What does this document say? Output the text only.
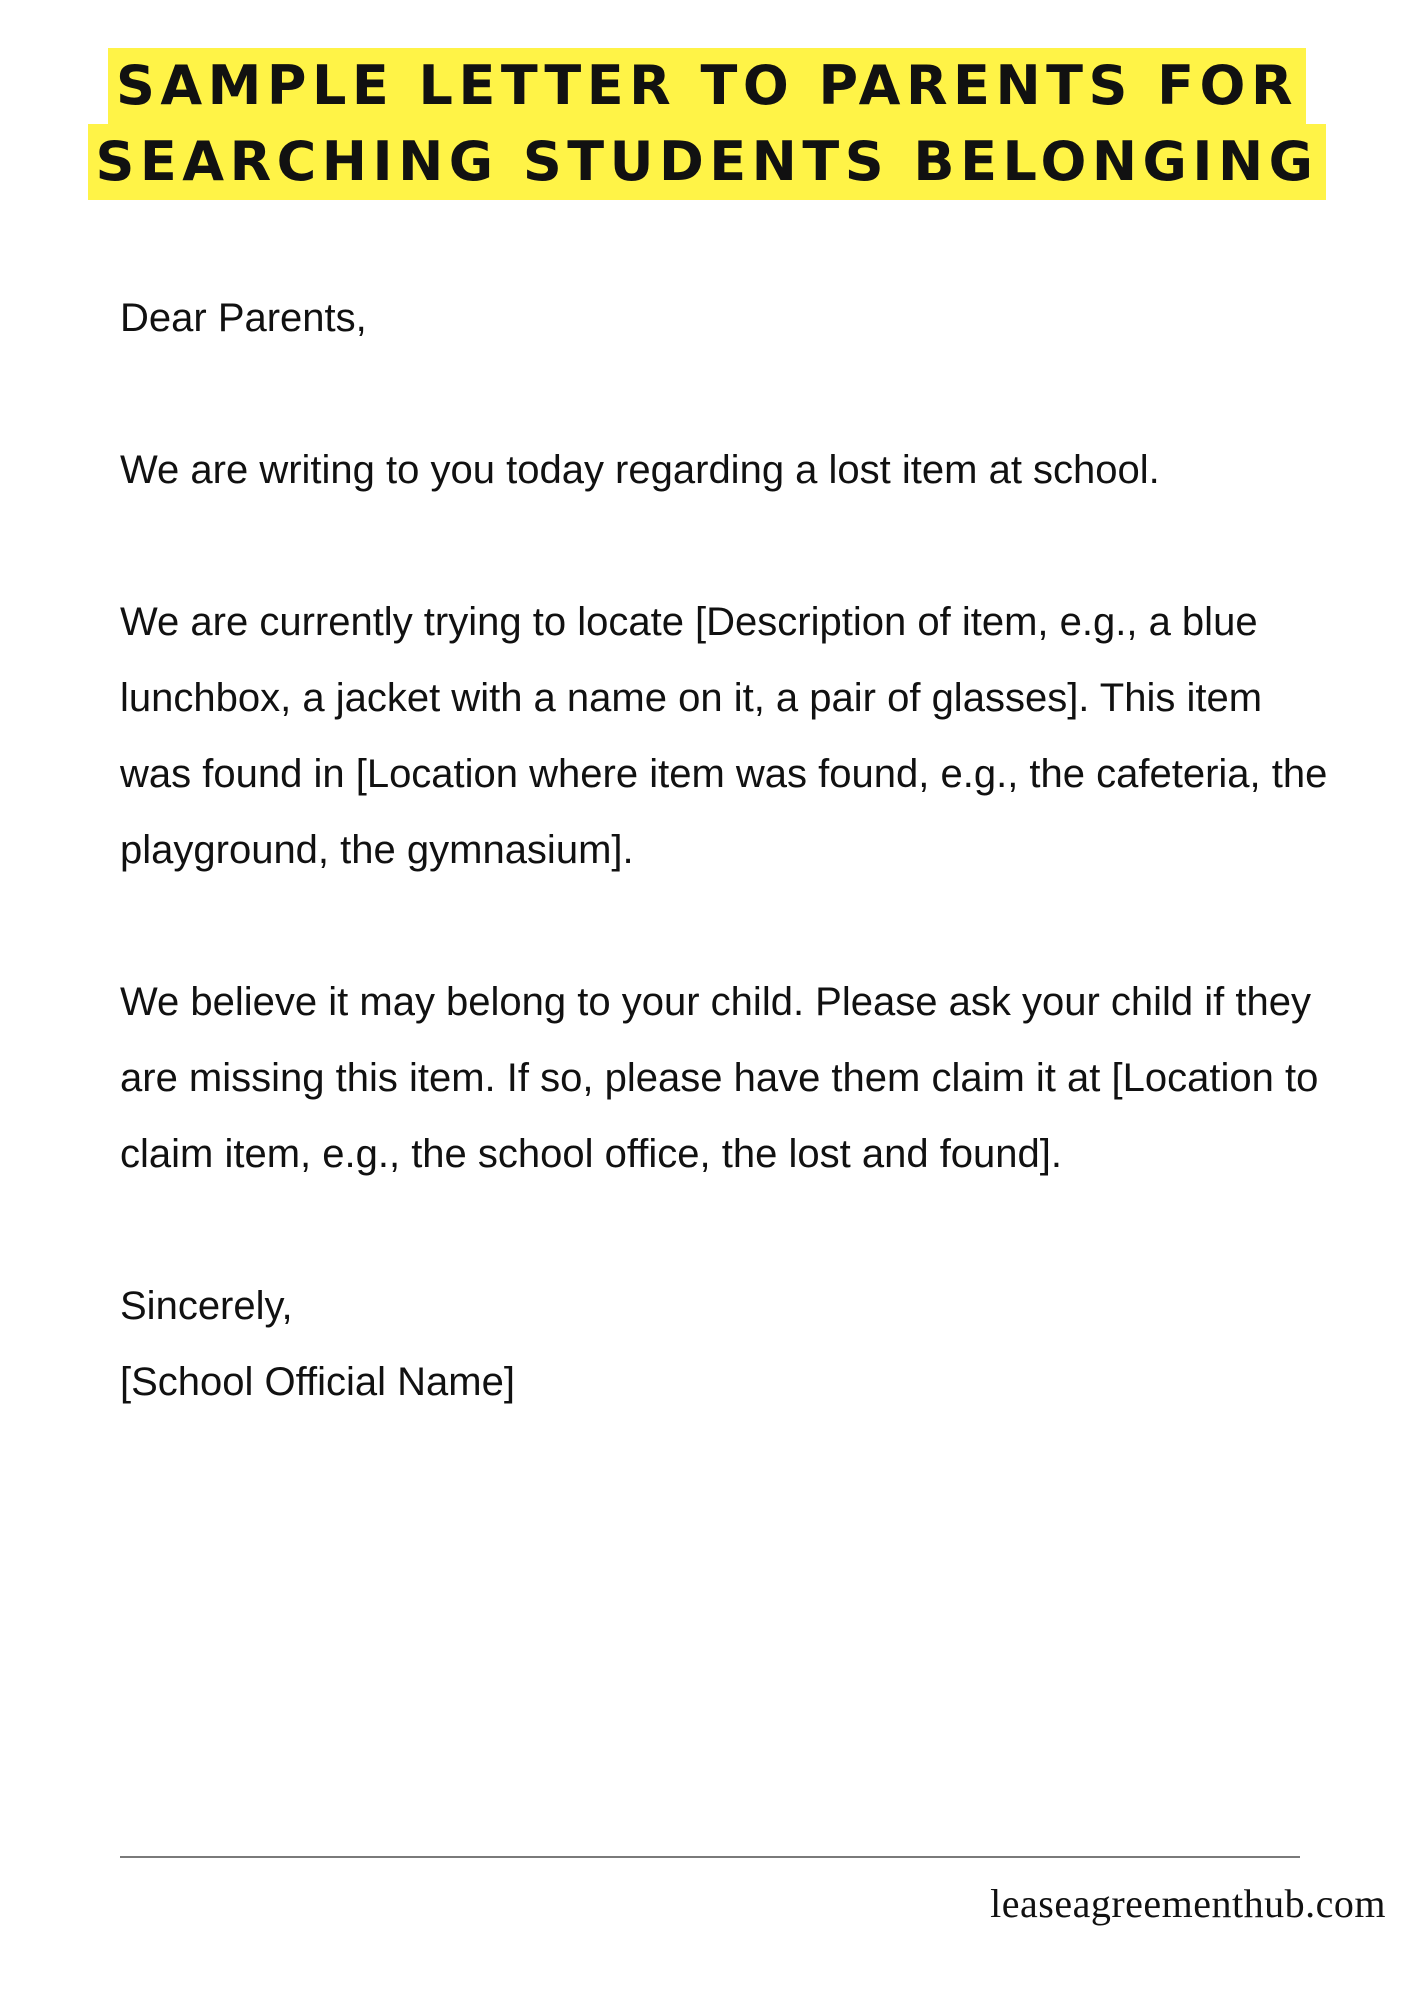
SAMPLE LETTER TO PARENTS FOR
SEARCHING STUDENTS BELONGING

Dear Parents,

We are writing to you today regarding a lost item at school.

We are currently trying to locate [Description of item, e.g., a blue lunchbox, a jacket with a name on it, a pair of glasses]. This item was found in [Location where item was found, e.g., the cafeteria, the playground, the gymnasium].

We believe it may belong to your child. Please ask your child if they are missing this item. If so, please have them claim it at [Location to claim item, e.g., the school office, the lost and found].

Sincerely,

[School Official Name]

leaseagreementhub.com
